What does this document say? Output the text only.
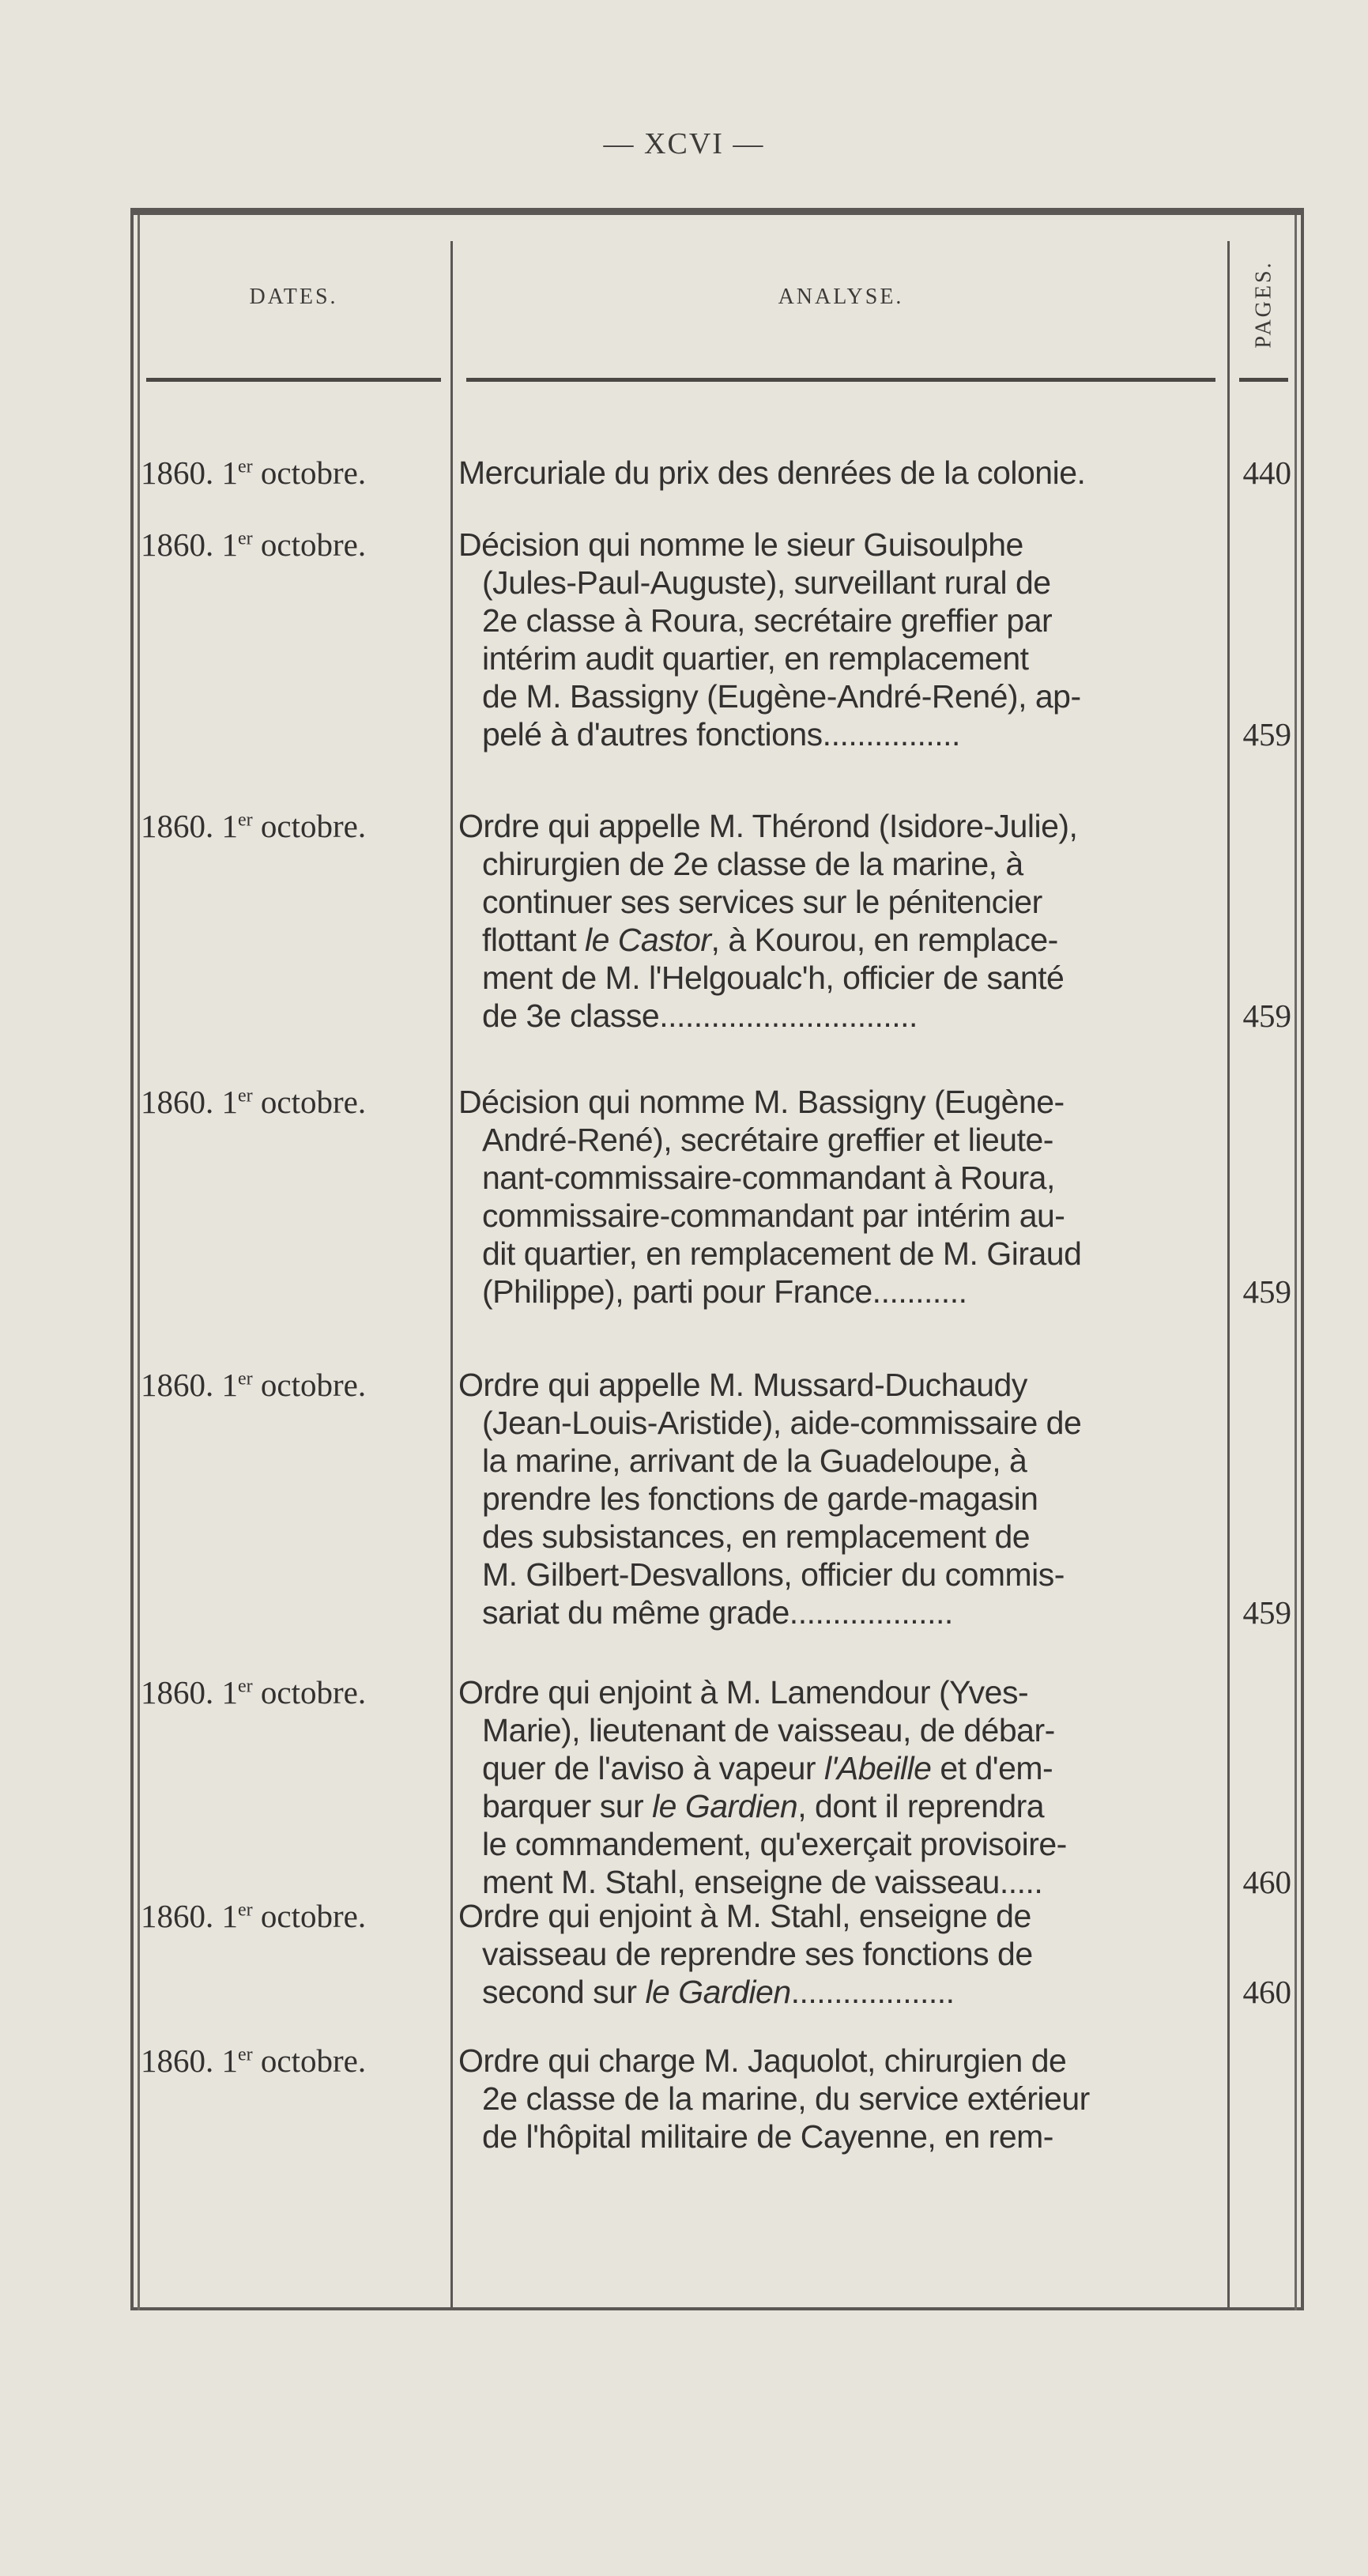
— XCVI —
DATES.	ANALYSE.	PAGES.
1860. 1er octobre.	Mercuriale du prix des denrées de la colonie.	440
1860. 1er octobre.	Décision qui nomme le sieur Guisoulphe
(Jules-Paul-Auguste), surveillant rural de
2e classe à Roura, secrétaire greffier par
intérim audit quartier, en remplacement
de M. Bassigny (Eugène-André-René), ap-
pelé à d'autres fonctions................	459
1860. 1er octobre.	Ordre qui appelle M. Thérond (Isidore-Julie),
chirurgien de 2e classe de la marine, à
continuer ses services sur le pénitencier
flottant le Castor, à Kourou, en remplace-
ment de M. l'Helgoualc'h, officier de santé
de 3e classe..............................	459
1860. 1er octobre.	Décision qui nomme M. Bassigny (Eugène-
André-René), secrétaire greffier et lieute-
nant-commissaire-commandant à Roura,
commissaire-commandant par intérim au-
dit quartier, en remplacement de M. Giraud
(Philippe), parti pour France...........	459
1860. 1er octobre.	Ordre qui appelle M. Mussard-Duchaudy
(Jean-Louis-Aristide), aide-commissaire de
la marine, arrivant de la Guadeloupe, à
prendre les fonctions de garde-magasin
des subsistances, en remplacement de
M. Gilbert-Desvallons, officier du commis-
sariat du même grade...................	459
1860. 1er octobre.	Ordre qui enjoint à M. Lamendour (Yves-
Marie), lieutenant de vaisseau, de débar-
quer de l'aviso à vapeur l'Abeille et d'em-
barquer sur le Gardien, dont il reprendra
le commandement, qu'exerçait provisoire-
ment M. Stahl, enseigne de vaisseau.....	460
1860. 1er octobre.	Ordre qui enjoint à M. Stahl, enseigne de
vaisseau de reprendre ses fonctions de
second sur le Gardien...................	460
1860. 1er octobre.	Ordre qui charge M. Jaquolot, chirurgien de
2e classe de la marine, du service extérieur
de l'hôpital militaire de Cayenne, en rem-
